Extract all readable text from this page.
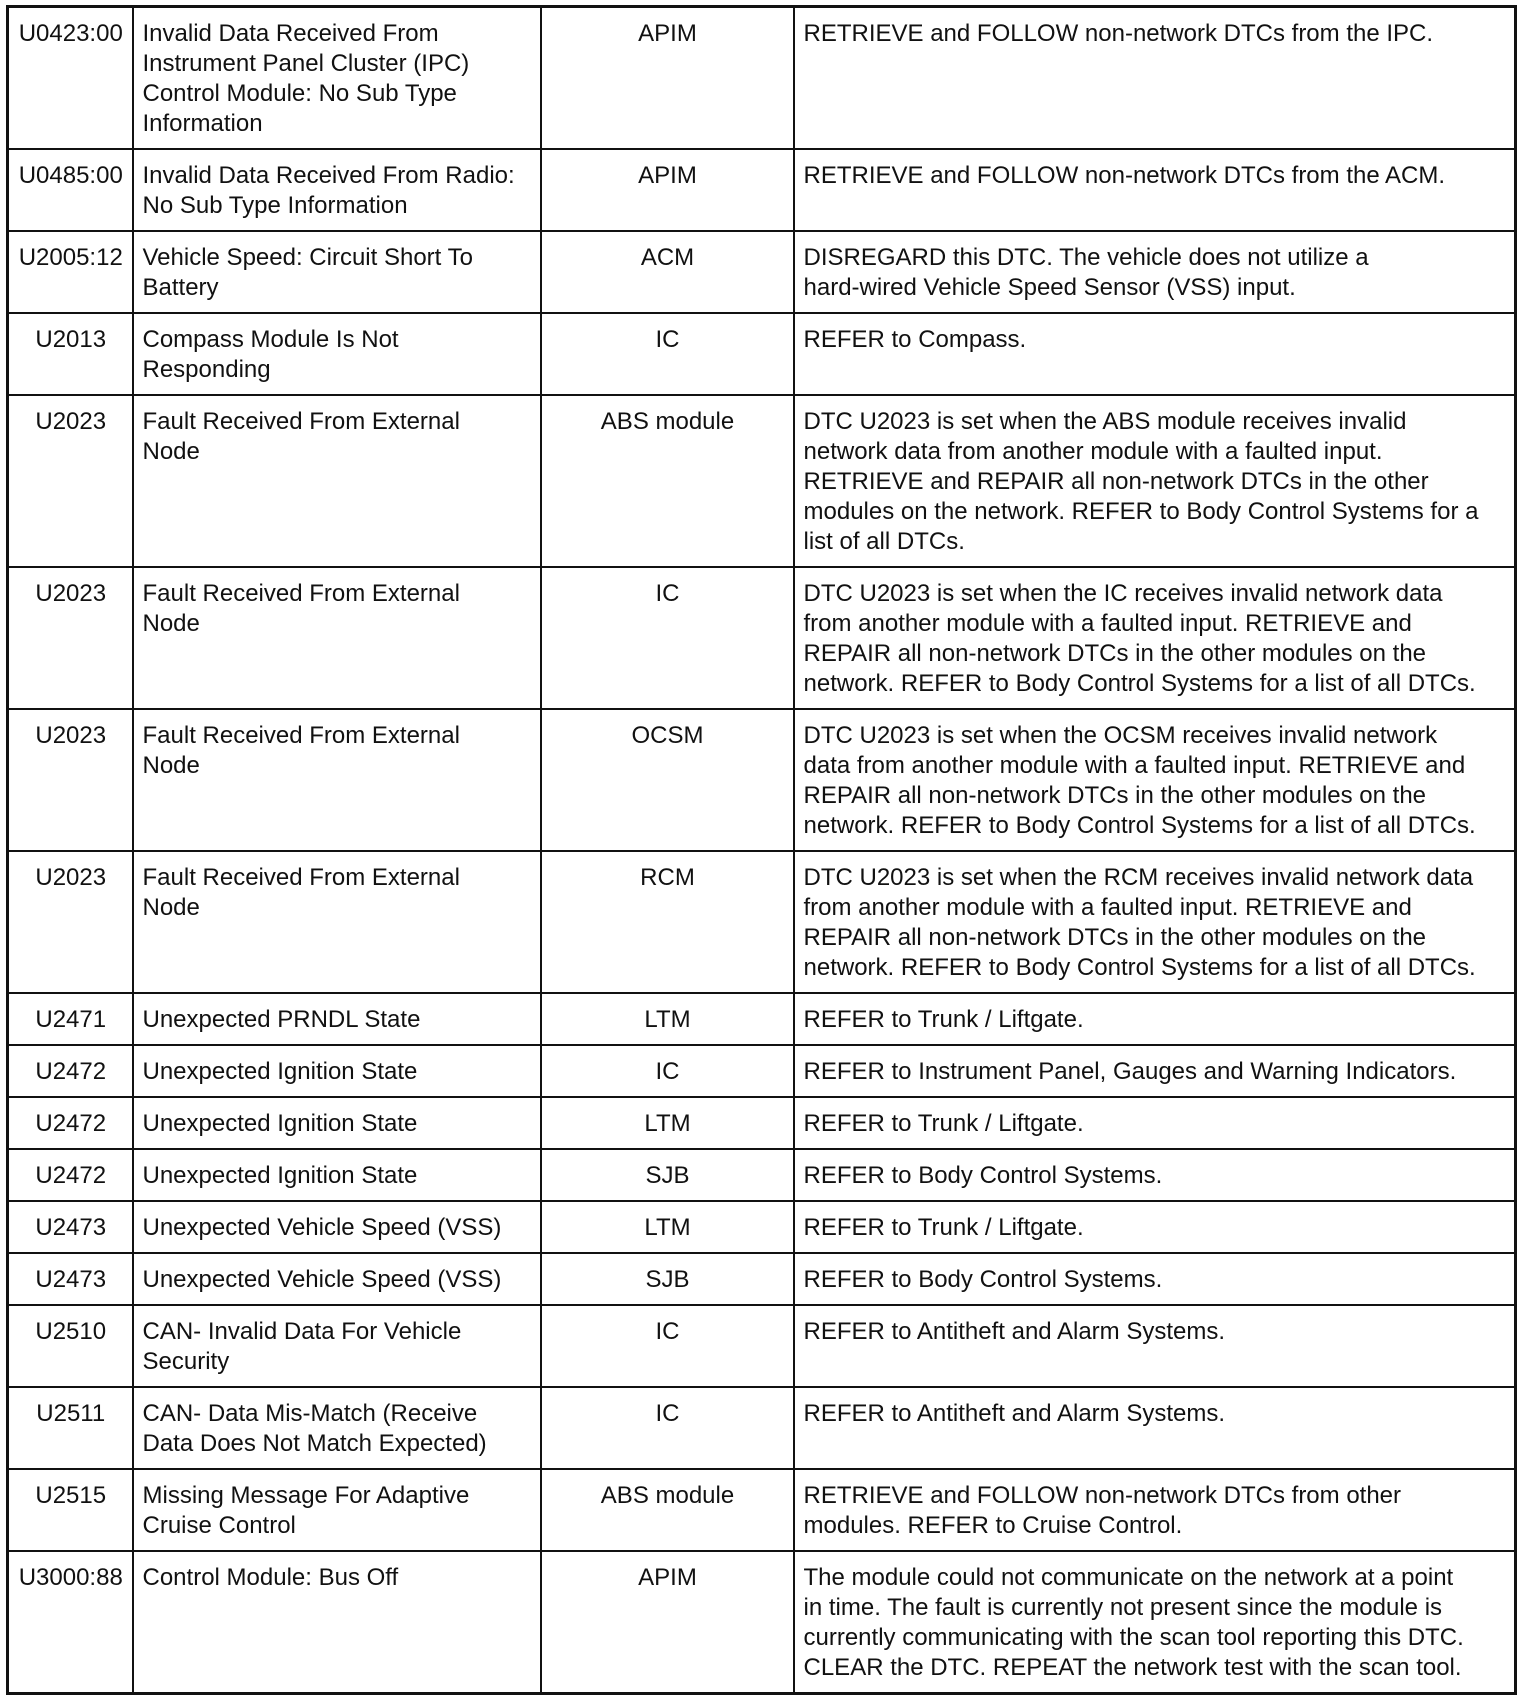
U0423:00	Invalid Data Received From
Instrument Panel Cluster (IPC)
Control Module: No Sub Type
Information	APIM	RETRIEVE and FOLLOW non-network DTCs from the IPC.
U0485:00	Invalid Data Received From Radio:
No Sub Type Information	APIM	RETRIEVE and FOLLOW non-network DTCs from the ACM.
U2005:12	Vehicle Speed: Circuit Short To
Battery	ACM	DISREGARD this DTC. The vehicle does not utilize a
hard-wired Vehicle Speed Sensor (VSS) input.
U2013	Compass Module Is Not
Responding	IC	REFER to Compass.
U2023	Fault Received From External
Node	ABS module	DTC U2023 is set when the ABS module receives invalid
network data from another module with a faulted input.
RETRIEVE and REPAIR all non-network DTCs in the other
modules on the network. REFER to Body Control Systems for a
list of all DTCs.
U2023	Fault Received From External
Node	IC	DTC U2023 is set when the IC receives invalid network data
from another module with a faulted input. RETRIEVE and
REPAIR all non-network DTCs in the other modules on the
network. REFER to Body Control Systems for a list of all DTCs.
U2023	Fault Received From External
Node	OCSM	DTC U2023 is set when the OCSM receives invalid network
data from another module with a faulted input. RETRIEVE and
REPAIR all non-network DTCs in the other modules on the
network. REFER to Body Control Systems for a list of all DTCs.
U2023	Fault Received From External
Node	RCM	DTC U2023 is set when the RCM receives invalid network data
from another module with a faulted input. RETRIEVE and
REPAIR all non-network DTCs in the other modules on the
network. REFER to Body Control Systems for a list of all DTCs.
U2471	Unexpected PRNDL State	LTM	REFER to Trunk / Liftgate.
U2472	Unexpected Ignition State	IC	REFER to Instrument Panel, Gauges and Warning Indicators.
U2472	Unexpected Ignition State	LTM	REFER to Trunk / Liftgate.
U2472	Unexpected Ignition State	SJB	REFER to Body Control Systems.
U2473	Unexpected Vehicle Speed (VSS)	LTM	REFER to Trunk / Liftgate.
U2473	Unexpected Vehicle Speed (VSS)	SJB	REFER to Body Control Systems.
U2510	CAN- Invalid Data For Vehicle
Security	IC	REFER to Antitheft and Alarm Systems.
U2511	CAN- Data Mis-Match (Receive
Data Does Not Match Expected)	IC	REFER to Antitheft and Alarm Systems.
U2515	Missing Message For Adaptive
Cruise Control	ABS module	RETRIEVE and FOLLOW non-network DTCs from other
modules. REFER to Cruise Control.
U3000:88	Control Module: Bus Off	APIM	The module could not communicate on the network at a point
in time. The fault is currently not present since the module is
currently communicating with the scan tool reporting this DTC.
CLEAR the DTC. REPEAT the network test with the scan tool.
